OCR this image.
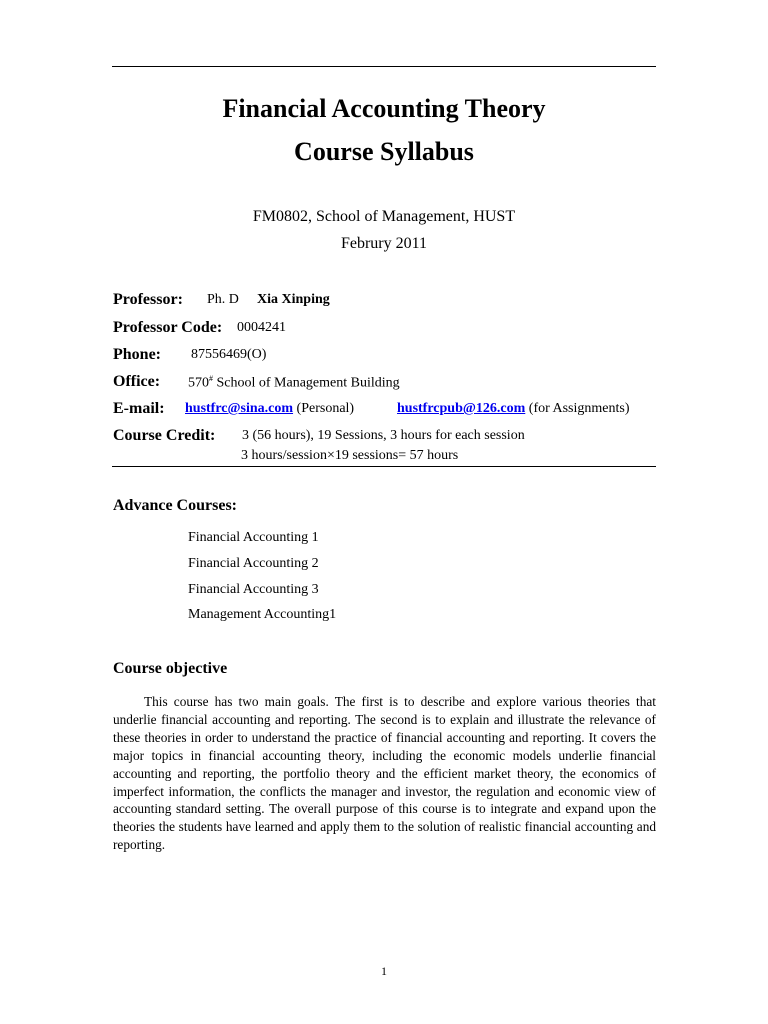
Financial Accounting Theory
Course Syllabus
FM0802, School of Management, HUST
Februry 2011
Professor: Ph. D Xia Xinping
Professor Code: 0004241
Phone: 87556469(O)
Office: 570# School of Management Building
E-mail: hustfrc@sina.com (Personal)	hustfrcpub@126.com (for Assignments)
Course Credit: 3 (56 hours), 19 Sessions, 3 hours for each session
3 hours/session×19 sessions= 57 hours
Advance Courses:
Financial Accounting 1
Financial Accounting 2
Financial Accounting 3
Management Accounting1
Course objective

This course has two main goals. The first is to describe and explore various theories that underlie financial accounting and reporting. The second is to explain and illustrate the relevance of these theories in order to understand the practice of financial accounting and reporting. It covers the major topics in financial accounting theory, including the economic models underlie financial accounting and reporting, the portfolio theory and the efficient market theory, the economics of imperfect information, the conflicts the manager and investor, the regulation and economic view of accounting standard setting. The overall purpose of this course is to integrate and expand upon the theories the students have learned and apply them to the solution of realistic financial accounting and reporting.

1
